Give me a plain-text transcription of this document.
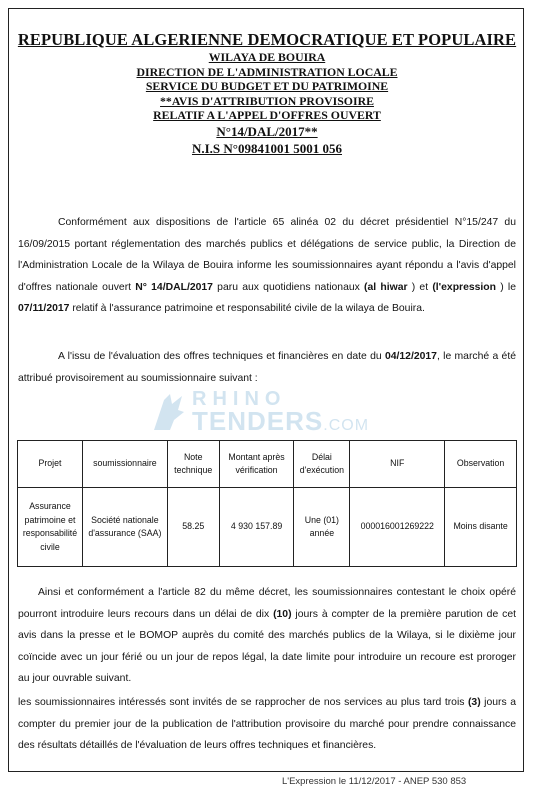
REPUBLIQUE ALGERIENNE DEMOCRATIQUE ET POPULAIRE
WILAYA DE BOUIRA
DIRECTION DE L'ADMINISTRATION LOCALE
SERVICE DU BUDGET ET DU PATRIMOINE
**AVIS D'ATTRIBUTION PROVISOIRE
RELATIF A L'APPEL D'OFFRES OUVERT
N°14/DAL/2017**
N.I.S N°09841001 5001 056
Conformément aux dispositions de l'article 65 alinéa 02 du décret présidentiel N°15/247 du 16/09/2015 portant réglementation des marchés publics et délégations de service public, la Direction de l'Administration Locale de la Wilaya de Bouira informe les soumissionnaires ayant répondu a l'avis d'appel d'offres nationale ouvert N° 14/DAL/2017 paru aux quotidiens nationaux (al hiwar ) et (l'expression ) le 07/11/2017 relatif à l'assurance patrimoine et responsabilité civile de la wilaya de Bouira.
A l'issu de l'évaluation des offres techniques et financières en date du 04/12/2017, le marché a été attribué provisoirement au soumissionnaire suivant :
RHINO
TENDERS.COM
Projet	soumissionnaire	Note technique	Montant après vérification	Délai d'exécution	NIF	Observation
Assurance patrimoine et responsabilité civile	Société nationale d'assurance (SAA)	58.25	4 930 157.89	Une (01) année	000016001269222	Moins disante
Ainsi et conformément a l'article 82 du même décret, les soumissionnaires contestant le choix opéré pourront introduire leurs recours dans un délai de dix (10) jours à compter de la première parution de cet avis dans la presse et le BOMOP auprès du comité des marchés publics de la Wilaya, si le dixième jour coïncide avec un jour férié ou un jour de repos légal, la date limite pour introduire un recoure est proroger au jour ouvrable suivant.
les soumissionnaires intéressés sont invités de se rapprocher de nos services au plus tard trois (3) jours a compter du premier jour de la publication de l'attribution provisoire du marché pour prendre connaissance des résultats détaillés de l'évaluation de leurs offres techniques et financières.
L'Expression le 11/12/2017 - ANEP 530 853
